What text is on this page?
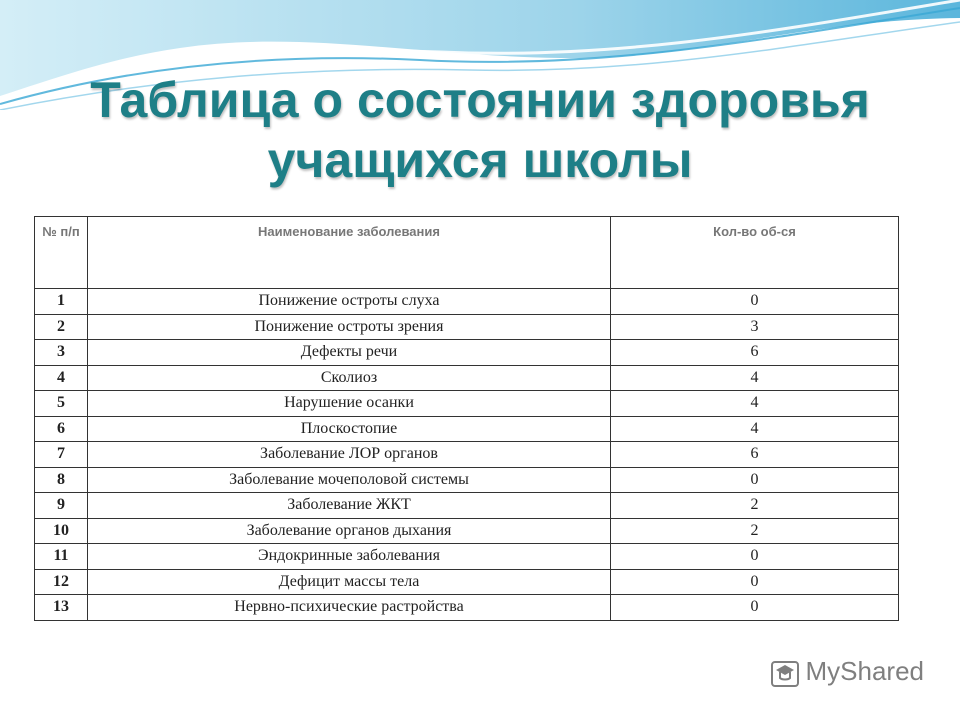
Таблица о состоянии здоровья
учащихся школы
№ п/п	Наименование заболевания	Кол-во об-ся
1	Понижение остроты слуха	0
2	Понижение остроты зрения	3
3	Дефекты речи	6
4	Сколиоз	4
5	Нарушение осанки	4
6	Плоскостопие	4
7	Заболевание ЛОР органов	6
8	Заболевание мочеполовой системы	0
9	Заболевание ЖКТ	2
10	Заболевание органов дыхания	2
11	Эндокринные заболевания	0
12	Дефицит массы тела	0
13	Нервно-психические растройства	0
MyShared
